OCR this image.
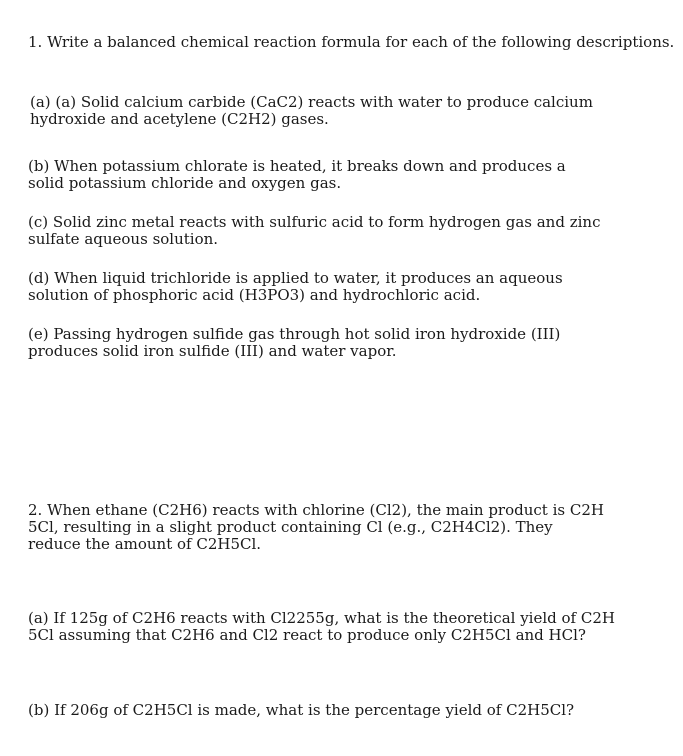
1. Write a balanced chemical reaction formula for each of the following descriptions.

(a) (a) Solid calcium carbide (CaC2) reacts with water to produce calcium
hydroxide and acetylene (C2H2) gases.
(b) When potassium chlorate is heated, it breaks down and produces a
solid potassium chloride and oxygen gas.
(c) Solid zinc metal reacts with sulfuric acid to form hydrogen gas and zinc
sulfate aqueous solution.
(d) When liquid trichloride is applied to water, it produces an aqueous
solution of phosphoric acid (H3PO3) and hydrochloric acid.
(e) Passing hydrogen sulfide gas through hot solid iron hydroxide (III)
produces solid iron sulfide (III) and water vapor.
2. When ethane (C2H6) reacts with chlorine (Cl2), the main product is C2H
5Cl, resulting in a slight product containing Cl (e.g., C2H4Cl2). They
reduce the amount of C2H5Cl.
(a) If 125g of C2H6 reacts with Cl2255g, what is the theoretical yield of C2H
5Cl assuming that C2H6 and Cl2 react to produce only C2H5Cl and HCl?

(b) If 206g of C2H5Cl is made, what is the percentage yield of C2H5Cl?
